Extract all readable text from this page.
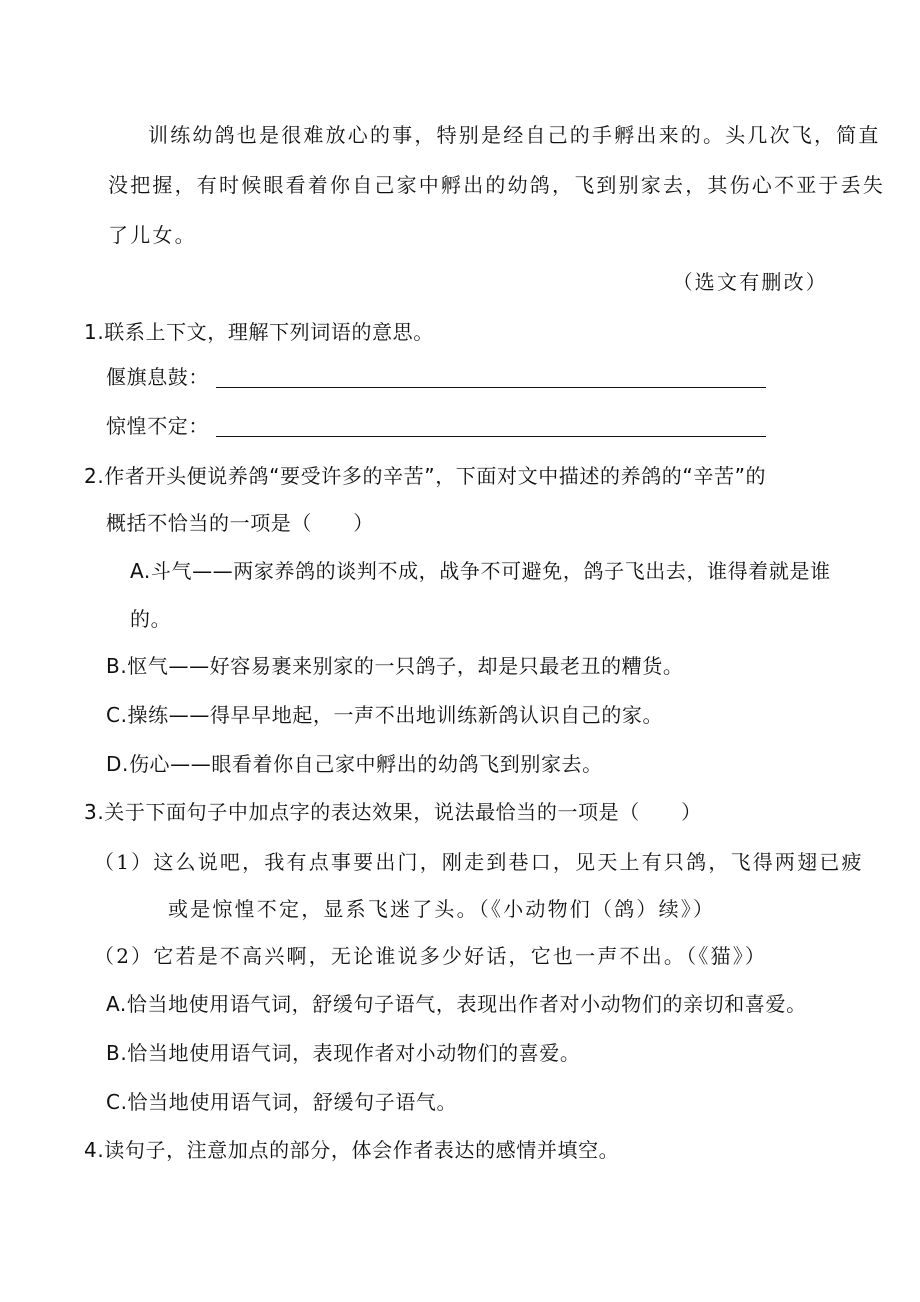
训练幼鸽也是很难放心的事，特别是经自己的手孵出来的。头几次飞，简直
没把握，有时候眼看着你自己家中孵出的幼鸽，飞到别家去，其伤心不亚于丢失
了儿女。
（选文有删改）
1.联系上下文，理解下列词语的意思。
偃旗息鼓：
惊惶不定：
2.作者开头便说养鸽“要受许多的辛苦”，下面对文中描述的养鸽的“辛苦”的
概括不恰当的一项是（　　）
A.斗气——两家养鸽的谈判不成，战争不可避免，鸽子飞出去，谁得着就是谁
的。
B.怄气——好容易裹来别家的一只鸽子，却是只最老丑的糟货。
C.操练——得早早地起，一声不出地训练新鸽认识自己的家。
D.伤心——眼看着你自己家中孵出的幼鸽飞到别家去。
3.关于下面句子中加点字的表达效果，说法最恰当的一项是（　　）
（1）这么说吧，我有点事要出门，刚走到巷口，见天上有只鸽，飞得两翅已疲
或是惊惶不定，显系飞迷了头。（《小动物们（鸽）续》）
（2）它若是不高兴啊，无论谁说多少好话，它也一声不出。（《猫》）
A.恰当地使用语气词，舒缓句子语气，表现出作者对小动物们的亲切和喜爱。
B.恰当地使用语气词，表现作者对小动物们的喜爱。
C.恰当地使用语气词，舒缓句子语气。
4.读句子，注意加点的部分，体会作者表达的感情并填空。
